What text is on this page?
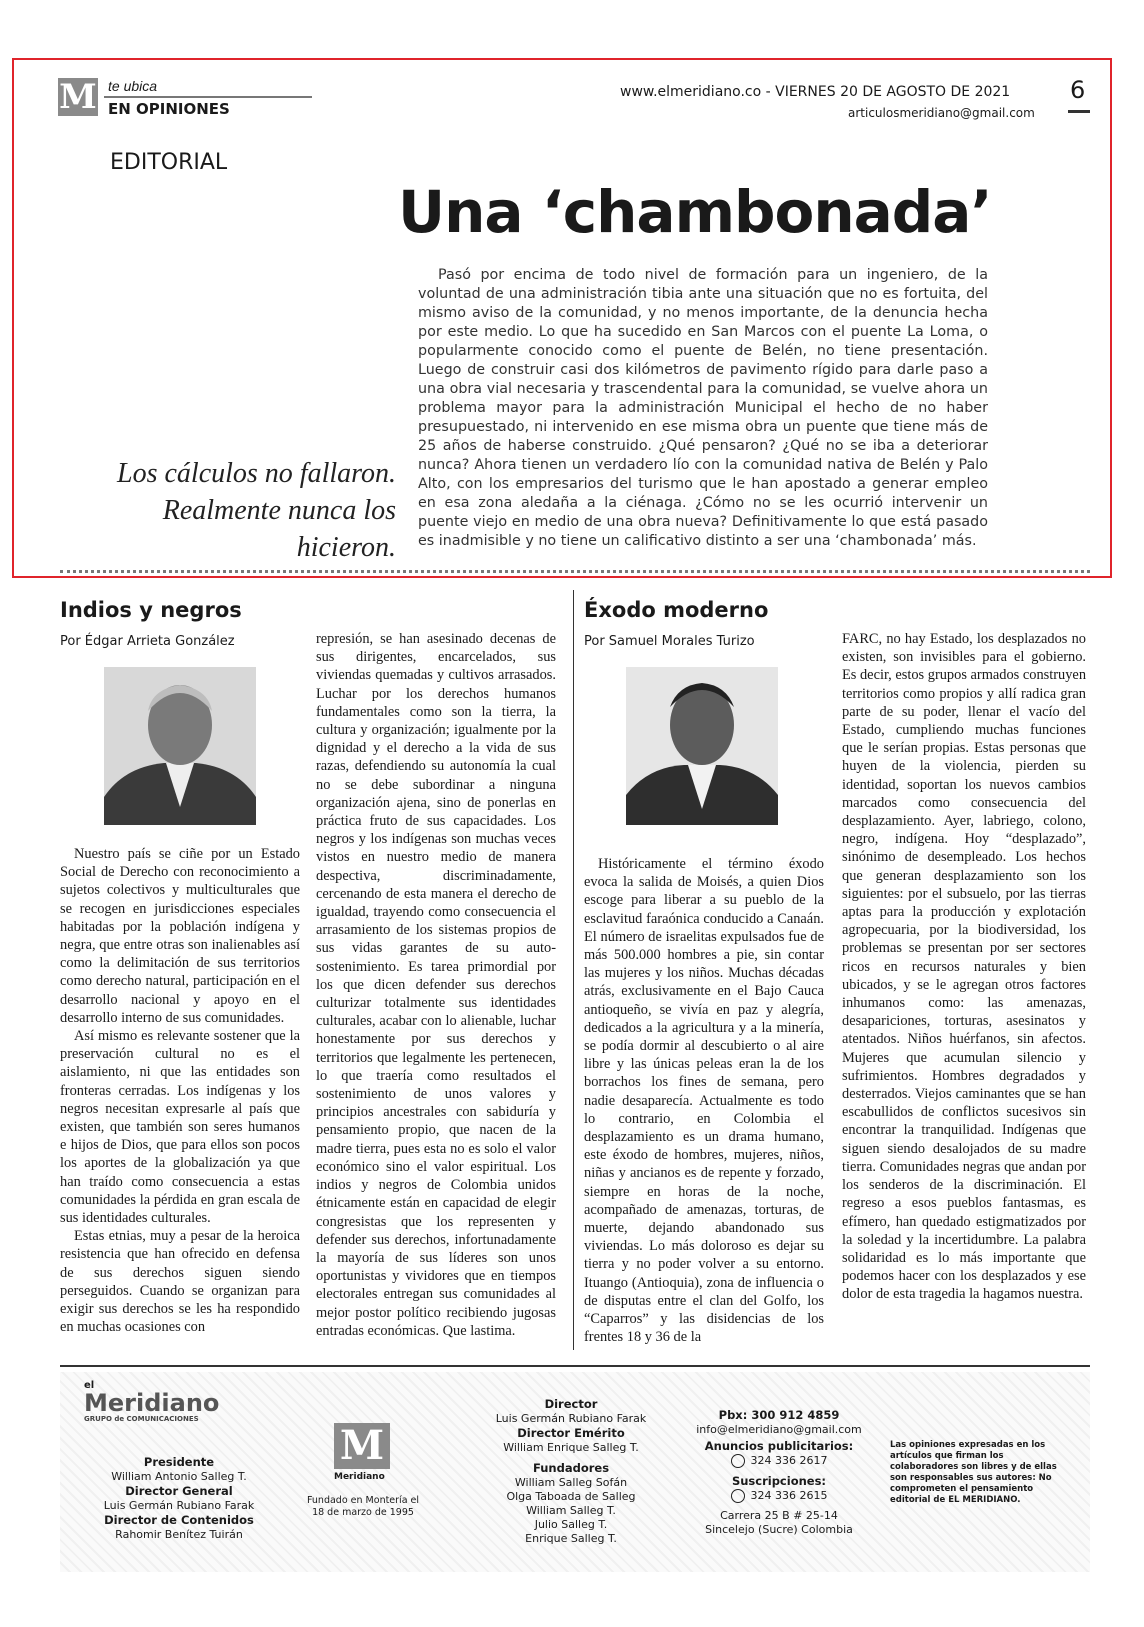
M te ubica
EN OPINIONES
www.elmeridiano.co - VIERNES 20 DE AGOSTO DE 2021
articulosmeridiano@gmail.com
6
EDITORIAL
Una ‘chambonada’
Pasó por encima de todo nivel de formación para un ingeniero, de la voluntad de una administración tibia ante una situación que no es fortuita, del mismo aviso de la comunidad, y no menos importante, de la denuncia hecha por este medio. Lo que ha sucedido en San Marcos con el puente La Loma, o popularmente conocido como el puente de Belén, no tiene presentación. Luego de construir casi dos kilómetros de pavimento rígido para darle paso a una obra vial necesaria y trascendental para la comunidad, se vuelve ahora un problema mayor para la administración Municipal el hecho de no haber presupuestado, ni intervenido en ese misma obra un puente que tiene más de 25 años de haberse construido. ¿Qué pensaron? ¿Qué no se iba a deteriorar nunca? Ahora tienen un verdadero lío con la comunidad nativa de Belén y Palo Alto, con los empresarios del turismo que le han apostado a generar empleo en esa zona aledaña a la ciénaga. ¿Cómo no se les ocurrió intervenir un puente viejo en medio de una obra nueva? Definitivamente lo que está pasado es inadmisible y no tiene un calificativo distinto a ser una ‘chambonada’ más.
Los cálculos no fallaron. Realmente nunca los hicieron.
Indios y negros
Por Édgar Arrieta González

Nuestro país se ciñe por un Estado Social de Derecho con reconocimiento a sujetos colectivos y multiculturales que se recogen en jurisdicciones especiales habitadas por la población indígena y negra, que entre otras son inalienables así como la delimitación de sus territorios como derecho natural, participación en el desarrollo nacional y apoyo en el desarrollo interno de sus comunidades.

Así mismo es relevante sostener que la preservación cultural no es el aislamiento, ni que las entidades son fronteras cerradas. Los indígenas y los negros necesitan expresarle al país que existen, que también son seres humanos e hijos de Dios, que para ellos son pocos los aportes de la globalización ya que han traído como consecuencia a estas comunidades la pérdida en gran escala de sus identidades culturales.

Estas etnias, muy a pesar de la heroica resistencia que han ofrecido en defensa de sus derechos siguen siendo perseguidos. Cuando se organizan para exigir sus derechos se les ha respondido en muchas ocasiones con

represión, se han asesinado decenas de sus dirigentes, encarcelados, sus viviendas quemadas y cultivos arrasados. Luchar por los derechos humanos fundamentales como son la tierra, la cultura y organización; igualmente por la dignidad y el derecho a la vida de sus razas, defendiendo su autonomía la cual no se debe subordinar a ninguna organización ajena, sino de ponerlas en práctica fruto de sus capacidades. Los negros y los indígenas son muchas veces vistos en nuestro medio de manera despectiva, discriminadamente, cercenando de esta manera el derecho de igualdad, trayendo como consecuencia el arrasamiento de los sistemas propios de sus vidas garantes de su auto- sostenimiento. Es tarea primordial por los que dicen defender sus derechos culturizar totalmente sus identidades culturales, acabar con lo alienable, luchar honestamente por sus derechos y territorios que legalmente les pertenecen, lo que traería como resultados el sostenimiento de unos valores y principios ancestrales con sabiduría y pensamiento propio, que nacen de la madre tierra, pues esta no es solo el valor económico sino el valor espiritual. Los indios y negros de Colombia unidos étnicamente están en capacidad de elegir congresistas que los representen y defender sus derechos, infortunadamente la mayoría de sus líderes son unos oportunistas y vividores que en tiempos electorales entregan sus comunidades al mejor postor político recibiendo jugosas entradas económicas. Que lastima.

Éxodo moderno
Por Samuel Morales Turizo

Históricamente el término éxodo evoca la salida de Moisés, a quien Dios escoge para liberar a su pueblo de la esclavitud faraónica conducido a Canaán. El número de israelitas expulsados fue de más 500.000 hombres a pie, sin contar las mujeres y los niños. Muchas décadas atrás, exclusivamente en el Bajo Cauca antioqueño, se vivía en paz y alegría, dedicados a la agricultura y a la minería, se podía dormir al descubierto o al aire libre y las únicas peleas eran la de los borrachos los fines de semana, pero nadie desaparecía. Actualmente es todo lo contrario, en Colombia el desplazamiento es un drama humano, este éxodo de hombres, mujeres, niños, niñas y ancianos es de repente y forzado, siempre en horas de la noche, acompañado de amenazas, torturas, de muerte, dejando abandonado sus viviendas. Lo más doloroso es dejar su tierra y no poder volver a su entorno. Ituango (Antioquia), zona de influencia o de disputas entre el clan del Golfo, los “Caparros” y las disidencias de los frentes 18 y 36 de la

FARC, no hay Estado, los desplazados no existen, son invisibles para el gobierno. Es decir, estos grupos armados construyen territorios como propios y allí radica gran parte de su poder, llenar el vacío del Estado, cumpliendo muchas funciones que le serían propias. Estas personas que huyen de la violencia, pierden su identidad, soportan los nuevos cambios marcados como consecuencia del desplazamiento. Ayer, labriego, colono, negro, indígena. Hoy “desplazado”, sinónimo de desempleado. Los hechos que generan desplazamiento son los siguientes: por el subsuelo, por las tierras aptas para la producción y explotación agropecuaria, por la biodiversidad, los problemas se presentan por ser sectores ricos en recursos naturales y bien ubicados, y se le agregan otros factores inhumanos como: las amenazas, desapariciones, torturas, asesinatos y atentados. Niños huérfanos, sin afectos. Mujeres que acumulan silencio y sufrimientos. Hombres degradados y desterrados. Viejos caminantes que se han escabullidos de conflictos sucesivos sin encontrar la tranquilidad. Indígenas que siguen siendo desalojados de su madre tierra. Comunidades negras que andan por los senderos de la discriminación. El regreso a esos pueblos fantasmas, es efímero, han quedado estigmatizados por la soledad y la incertidumbre. La palabra solidaridad es lo más importante que podemos hacer con los desplazados y ese dolor de esta tragedia la hagamos nuestra.

el
Meridiano
GRUPO de COMUNICACIONES
Presidente
William Antonio Salleg T.
Director General
Luis Germán Rubiano Farak
Director de Contenidos
Rahomir Benítez Tuirán
M
Meridiano
Fundado en Montería el 18 de marzo de 1995
Director
Luis Germán Rubiano Farak
Director Emérito
William Enrique Salleg T.
Fundadores
William Salleg Sofán
Olga Taboada de Salleg
William Salleg T.
Julio Salleg T.
Enrique Salleg T.
Pbx: 300 912 4859
info@elmeridiano@gmail.com
Anuncios publicitarios:
324 336 2617
Suscripciones:
324 336 2615
Carrera 25 B # 25-14
Sincelejo (Sucre) Colombia
Las opiniones expresadas en los artículos que firman los colaboradores son libres y de ellas son responsables sus autores: No comprometen el pensamiento editorial de EL MERIDIANO.
